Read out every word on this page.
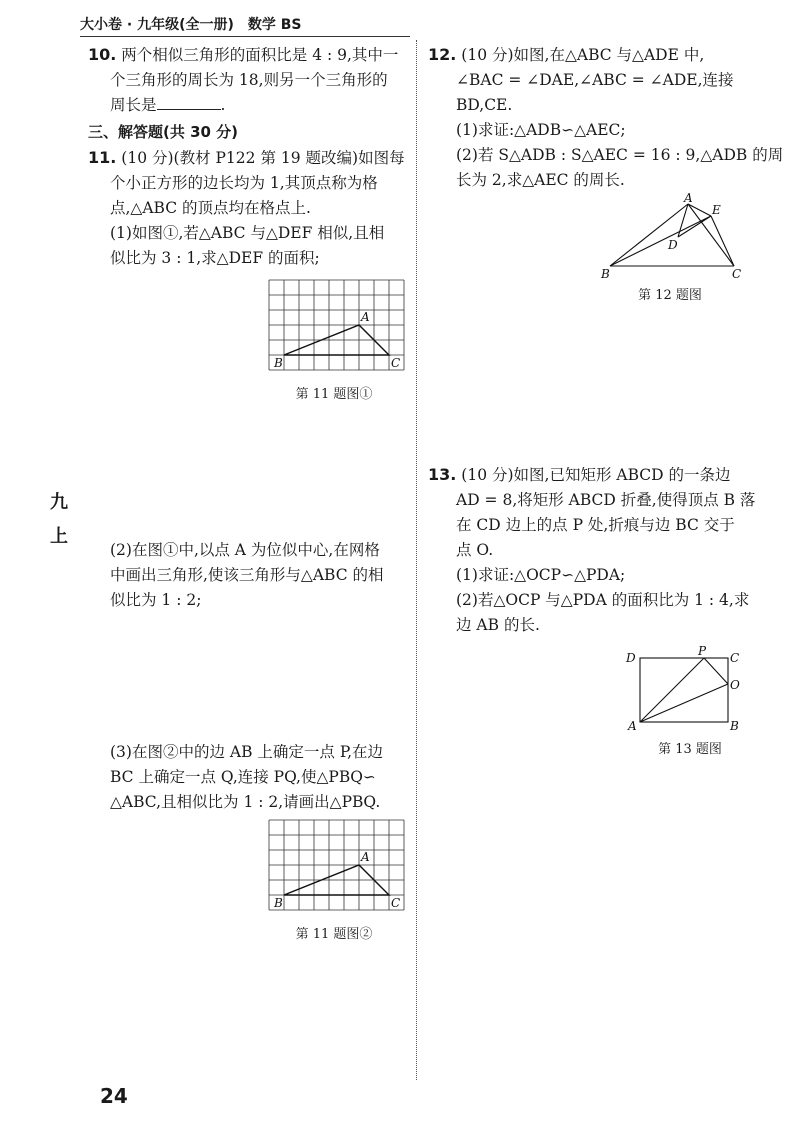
大小卷 · 九年级(全一册) 数学 BS
10. 两个相似三角形的面积比是 4 : 9,其中一
个三角形的周长为 18,则另一个三角形的
周长是	.
三、解答题(共 30 分)
11. (10 分)(教材 P122 第 19 题改编)如图每
个小正方形的边长均为 1,其顶点称为格
点,△ABC 的顶点均在格点上.
(1)如图①,若△ABC 与△DEF 相似,且相
似比为 3 : 1,求△DEF 的面积;
A
B	C
第 11 题图①
九
上
(2)在图①中,以点 A 为位似中心,在网格
中画出三角形,使该三角形与△ABC 的相
似比为 1 : 2;
(3)在图②中的边 AB 上确定一点 P,在边
BC 上确定一点 Q,连接 PQ,使△PBQ∽
△ABC,且相似比为 1 : 2,请画出△PBQ.
A
B	C
第 11 题图②
12. (10 分)如图,在△ABC 与△ADE 中,
∠BAC = ∠DAE,∠ABC = ∠ADE,连接
BD,CE.
(1)求证:△ADB∽△AEC;
(2)若 S△ADB : S△AEC = 16 : 9,△ADB 的周
长为 2,求△AEC 的周长.
A
B	C
D
E
第 12 题图
13. (10 分)如图,已知矩形 ABCD 的一条边
AD = 8,将矩形 ABCD 折叠,使得顶点 B 落
在 CD 边上的点 P 处,折痕与边 BC 交于
点 O.
(1)求证:△OCP∽△PDA;
(2)若△OCP 与△PDA 的面积比为 1 : 4,求
边 AB 的长.
D	P C
O
A	B
第 13 题图
24
